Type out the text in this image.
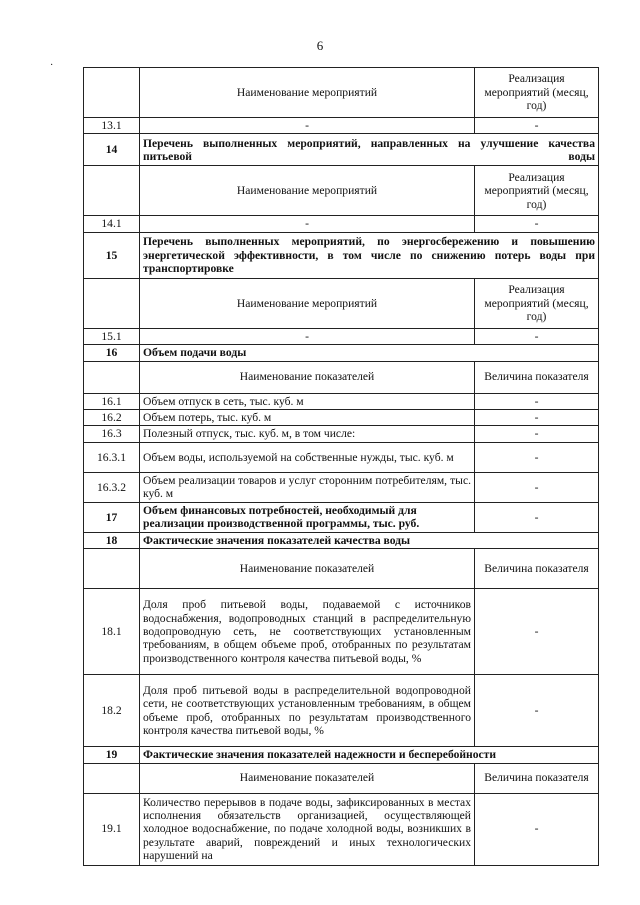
6
·
	Наименование мероприятий	Реализация мероприятий (месяц, год)
13.1	-	-
14	Перечень выполненных мероприятий, направленных на улучшение качества питьевой воды	
	Наименование мероприятий	Реализация мероприятий (месяц, год)
14.1	-	-
15	Перечень выполненных мероприятий, по энергосбережению и повышению энергетической эффективности, в том числе по снижению потерь воды при транспортировке	
	Наименование мероприятий	Реализация мероприятий (месяц, год)
15.1	-	-
16	Объем подачи воды	
	Наименование показателей	Величина показателя
16.1	Объем отпуск в сеть, тыс. куб. м	-
16.2	Объем потерь, тыс. куб. м	-
16.3	Полезный отпуск, тыс. куб. м, в том числе:	-
16.3.1	Объем воды, используемой на собственные нужды, тыс. куб. м	-
16.3.2	Объем реализации товаров и услуг сторонним потребителям, тыс. куб. м	-
17	Объем финансовых потребностей, необходимый для реализации производственной программы, тыс. руб.	-
18	Фактические значения показателей качества воды	
	Наименование показателей	Величина показателя
18.1	Доля проб питьевой воды, подаваемой с источников водоснабжения, водопроводных станций в распределительную водопроводную сеть, не соответствующих установленным требованиям, в общем объеме проб, отобранных по результатам производственного контроля качества питьевой воды, %	-
18.2	Доля проб питьевой воды в распределительной водопроводной сети, не соответствующих установленным требованиям, в общем объеме проб, отобранных по результатам производственного контроля качества питьевой воды, %	-
19	Фактические значения показателей надежности и бесперебойности	
	Наименование показателей	Величина показателя
19.1	Количество перерывов в подаче воды, зафиксированных в местах исполнения обязательств организацией, осуществляющей холодное водоснабжение, по подаче холодной воды, возникших в результате аварий, повреждений и иных технологических нарушений на	-
